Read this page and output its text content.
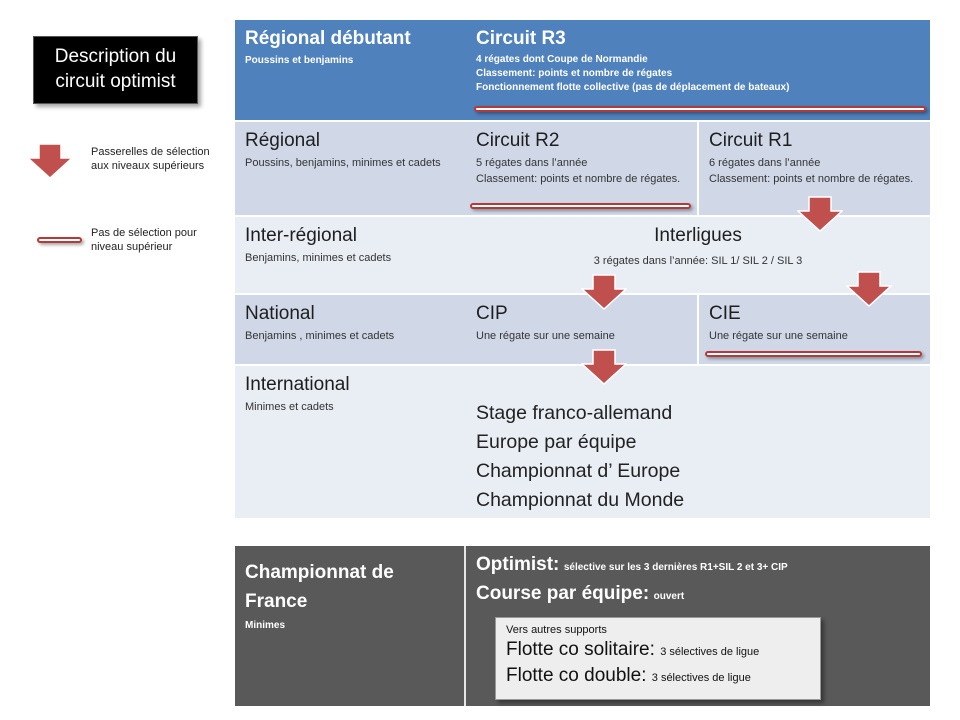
Description du circuit optimist
Passerelles de sélection aux niveaux supérieurs
Pas de sélection pour niveau supérieur
Régional débutant
Poussins et benjamins
Circuit R3
4 régates dont Coupe de Normandie
Classement: points et nombre de régates
Fonctionnement flotte collective (pas de déplacement de bateaux)
Régional
Poussins, benjamins, minimes et cadets
Circuit R2
5 régates dans l’année
Classement: points et nombre de régates.
Circuit R1
6 régates dans l’année
Classement: points et nombre de régates.
Inter-régional
Benjamins, minimes et cadets
Interligues
3 régates dans l’année: SIL 1/ SIL 2 / SIL 3
National
Benjamins , minimes et cadets
CIP
Une régate sur une semaine
CIE
Une régate sur une semaine
International
Minimes et cadets	Stage franco-allemand
Europe par équipe
Championnat d’ Europe
Championnat du Monde
Championnat de
France
Minimes
Optimist: sélective sur les 3 dernières R1+SIL 2 et 3+ CIP
Course par équipe: ouvert
Vers autres supports
Flotte co solitaire: 3 sélectives de ligue
Flotte co double: 3 sélectives de ligue
